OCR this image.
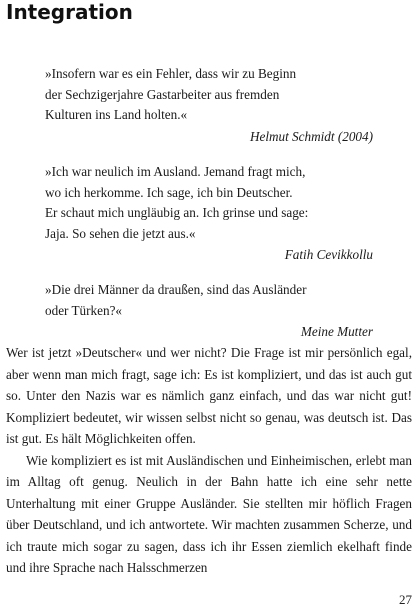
Integration
»Insofern war es ein Fehler, dass wir zu Beginn
der Sechzigerjahre Gastarbeiter aus fremden
Kulturen ins Land holten.«
Helmut Schmidt (2004)
»Ich war neulich im Ausland. Jemand fragt mich,
wo ich herkomme. Ich sage, ich bin Deutscher.
Er schaut mich ungläubig an. Ich grinse und sage:
Jaja. So sehen die jetzt aus.«
Fatih Cevikkollu
»Die drei Männer da draußen, sind das Ausländer
oder Türken?«
Meine Mutter

Wer ist jetzt »Deutscher« und wer nicht? Die Frage ist mir persönlich egal, aber wenn man mich fragt, sage ich: Es ist kompliziert, und das ist auch gut so. Unter den Nazis war es nämlich ganz einfach, und das war nicht gut! Kompliziert bedeutet, wir wissen selbst nicht so genau, was deutsch ist. Das ist gut. Es hält Möglichkeiten offen.

Wie kompliziert es ist mit Ausländischen und Einheimischen, erlebt man im Alltag oft genug. Neulich in der Bahn hatte ich eine sehr nette Unterhaltung mit einer Gruppe Ausländer. Sie stellten mir höflich Fragen über Deutschland, und ich antwortete. Wir machten zusammen Scherze, und ich traute mich sogar zu sagen, dass ich ihr Essen ziemlich ekelhaft finde und ihre Sprache nach Halsschmerzen

27
